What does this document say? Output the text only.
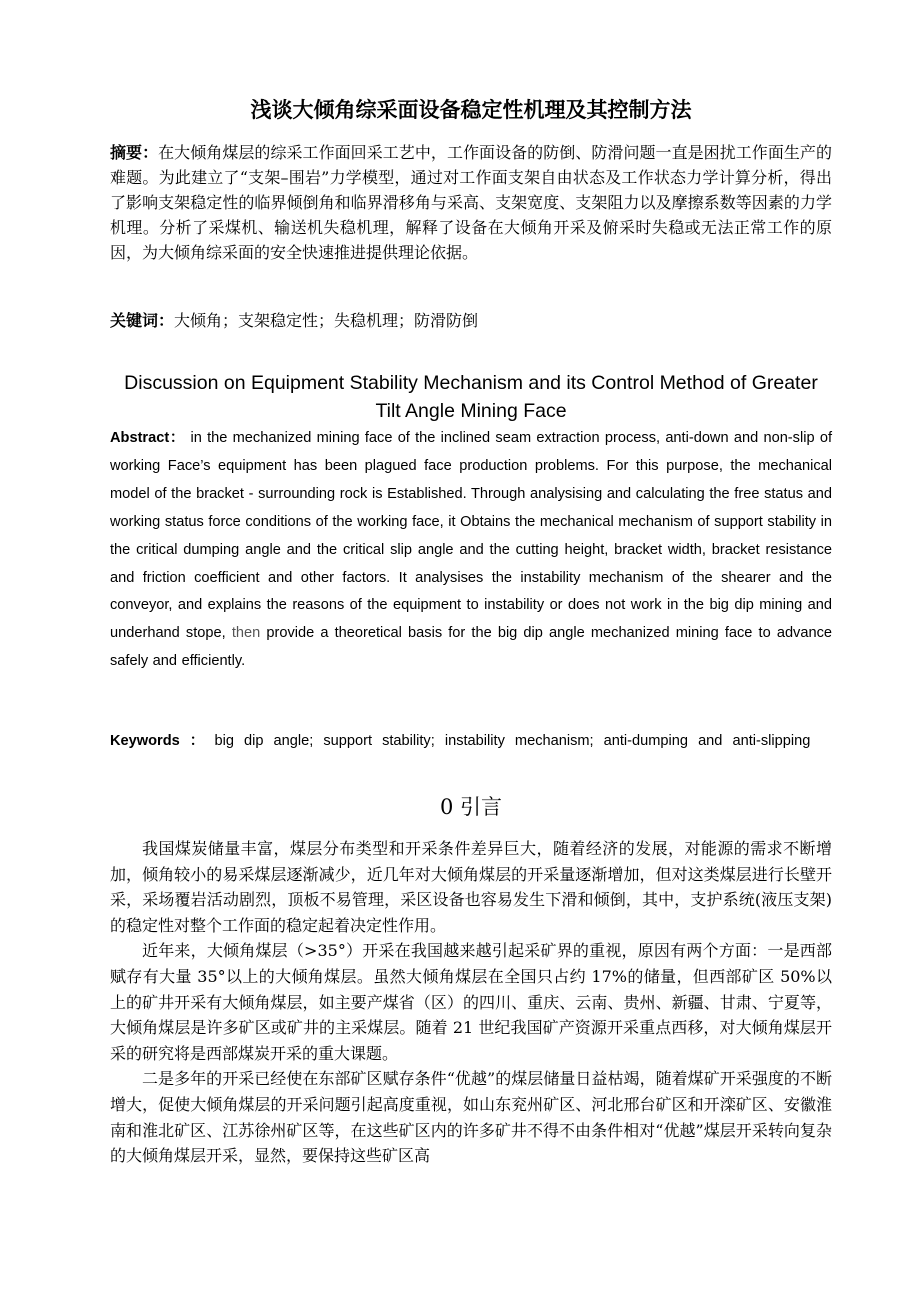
浅谈大倾角综采面设备稳定性机理及其控制方法
摘要：在大倾角煤层的综采工作面回采工艺中，工作面设备的防倒、防滑问题一直是困扰工作面生产的难题。为此建立了“支架–围岩”力学模型，通过对工作面支架自由状态及工作状态力学计算分析，得出了影响支架稳定性的临界倾倒角和临界滑移角与采高、支架宽度、支架阻力以及摩擦系数等因素的力学机理。分析了采煤机、输送机失稳机理，解释了设备在大倾角开采及俯采时失稳或无法正常工作的原因，为大倾角综采面的安全快速推进提供理论依据。
关键词：大倾角；支架稳定性；失稳机理；防滑防倒
Discussion on Equipment Stability Mechanism and its Control Method of Greater Tilt Angle Mining Face
Abstract： in the mechanized mining face of the inclined seam extraction process, anti-down and non-slip of working Face’s equipment has been plagued face production problems. For this purpose, the mechanical model of the bracket - surrounding rock is Established. Through analysising and calculating the free status and working status force conditions of the working face, it Obtains the mechanical mechanism of support stability in the critical dumping angle and the critical slip angle and the cutting height, bracket width, bracket resistance and friction coefficient and other factors. It analysises the instability mechanism of the shearer and the conveyor, and explains the reasons of the equipment to instability or does not work in the big dip mining and underhand stope, then provide a theoretical basis for the big dip angle mechanized mining face to advance safely and efficiently.
Keywords ： big dip angle; support stability; instability mechanism; anti-dumping and anti-slipping
0 引言

我国煤炭储量丰富，煤层分布类型和开采条件差异巨大，随着经济的发展，对能源的需求不断增加，倾角较小的易采煤层逐渐减少，近几年对大倾角煤层的开采量逐渐增加，但对这类煤层进行长壁开采，采场覆岩活动剧烈，顶板不易管理，采区设备也容易发生下滑和倾倒，其中，支护系统(液压支架)的稳定性对整个工作面的稳定起着决定性作用。

近年来，大倾角煤层（>35°）开采在我国越来越引起采矿界的重视，原因有两个方面：一是西部赋存有大量 35°以上的大倾角煤层。虽然大倾角煤层在全国只占约 17%的储量，但西部矿区 50%以上的矿井开采有大倾角煤层，如主要产煤省（区）的四川、重庆、云南、贵州、新疆、甘肃、宁夏等，大倾角煤层是许多矿区或矿井的主采煤层。随着 21 世纪我国矿产资源开采重点西移，对大倾角煤层开采的研究将是西部煤炭开采的重大课题。

二是多年的开采已经使在东部矿区赋存条件“优越”的煤层储量日益枯竭，随着煤矿开采强度的不断增大，促使大倾角煤层的开采问题引起高度重视，如山东兖州矿区、河北邢台矿区和开滦矿区、安徽淮南和淮北矿区、江苏徐州矿区等，在这些矿区内的许多矿井不得不由条件相对“优越”煤层开采转向复杂的大倾角煤层开采，显然，要保持这些矿区高
